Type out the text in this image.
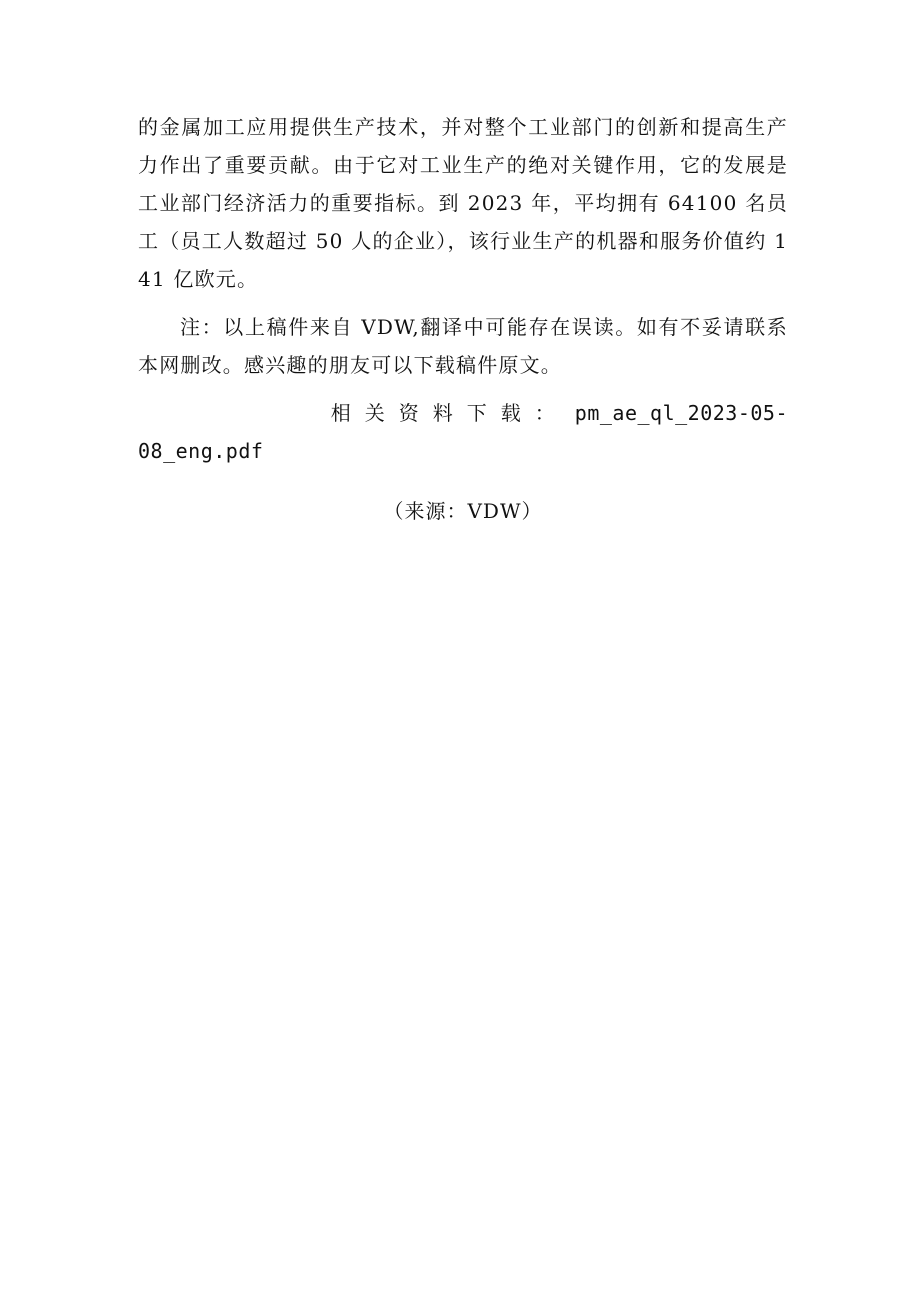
的金属加工应用提供生产技术，并对整个工业部门的创新和提高生产力作出了重要贡献。由于它对工业生产的绝对关键作用，它的发展是工业部门经济活力的重要指标。到 2023 年，平均拥有 64100 名员工（员工人数超过 50 人的企业），该行业生产的机器和服务价值约 141 亿欧元。

注：以上稿件来自 VDW,翻译中可能存在误读。如有不妥请联系本网删改。感兴趣的朋友可以下载稿件原文。

相关资料下载： pm_ae_ql_2023-05-
08_eng.pdf
（来源：VDW）
